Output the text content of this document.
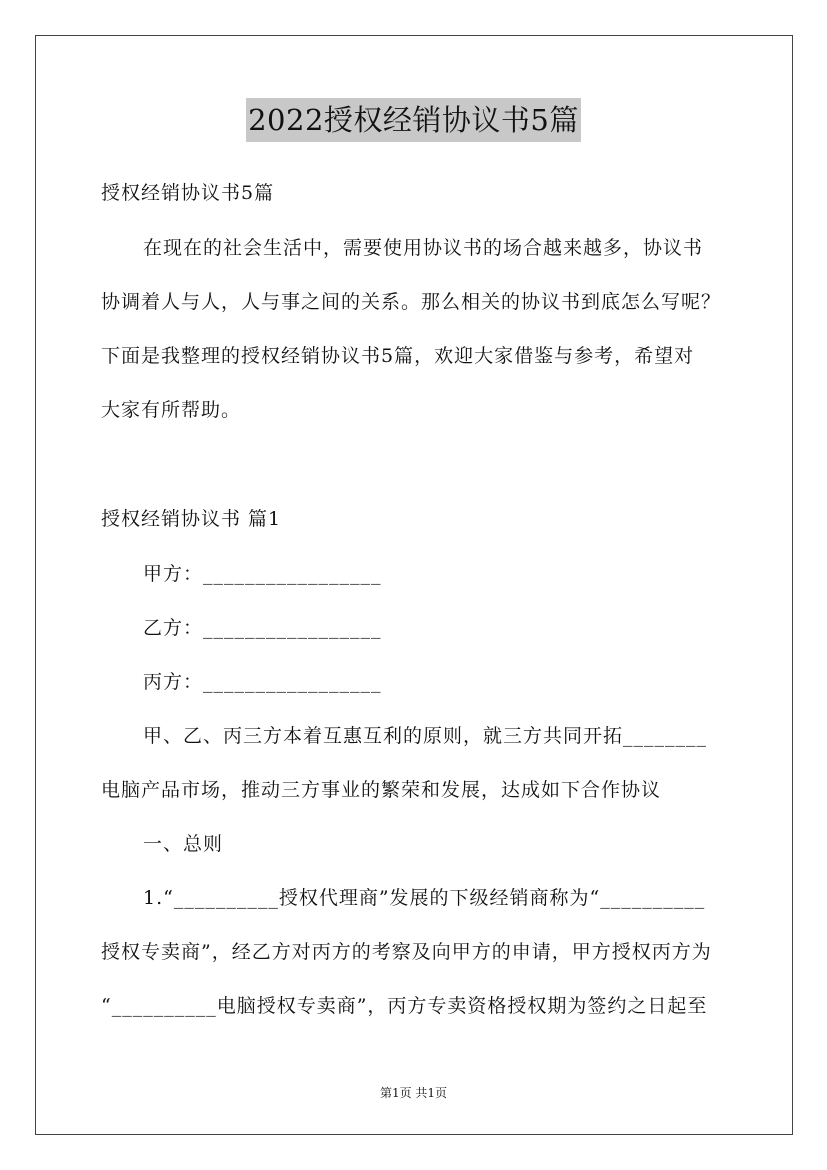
2022授权经销协议书5篇
授权经销协议书5篇
在现在的社会生活中，需要使用协议书的场合越来越多，协议书
协调着人与人，人与事之间的关系。那么相关的协议书到底怎么写呢？
下面是我整理的授权经销协议书5篇，欢迎大家借鉴与参考，希望对
大家有所帮助。
授权经销协议书 篇1
甲方：_________________
乙方：_________________
丙方：_________________
甲、乙、丙三方本着互惠互利的原则，就三方共同开拓________
电脑产品市场，推动三方事业的繁荣和发展，达成如下合作协议
一、总则
1.“__________授权代理商”发展的下级经销商称为“__________
授权专卖商”，经乙方对丙方的考察及向甲方的申请，甲方授权丙方为
“__________电脑授权专卖商”，丙方专卖资格授权期为签约之日起至
第1页 共1页
